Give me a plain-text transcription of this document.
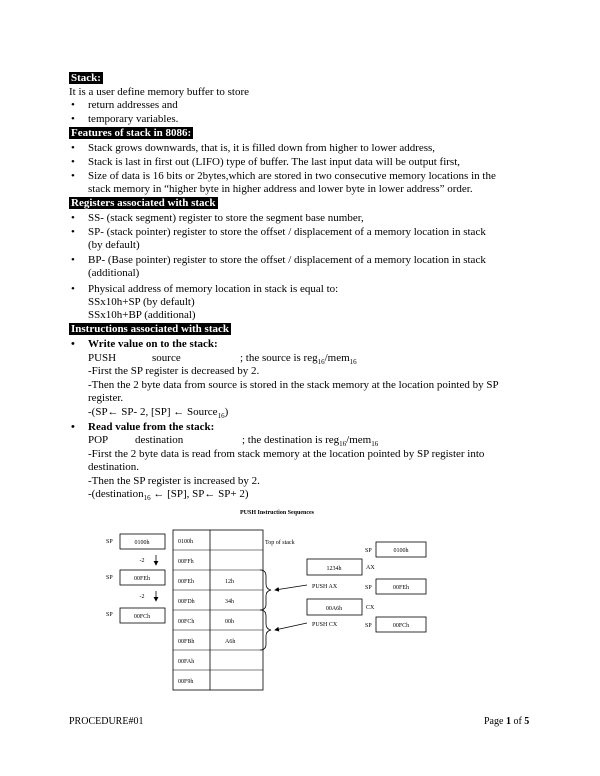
Stack:
It is a user define memory buffer to store
• return addresses and
• temporary variables.
Features of stack in 8086:
• Stack grows downwards, that is, it is filled down from higher to lower address,
• Stack is last in first out (LIFO) type of buffer. The last input data will be output first,
• Size of data is 16 bits or 2bytes,which are stored in two consecutive memory locations in the
stack memory in “higher byte in higher address and lower byte in lower address” order.
Registers associated with stack
• SS- (stack segment) register to store the segment base number,
• SP- (stack pointer) register to store the offset / displacement of a memory location in stack
(by default)
• BP- (Base pointer) register to store the offset / displacement of a memory location in stack
(additional)
• Physical address of memory location in stack is equal to:
SSx10h+SP (by default)
SSx10h+BP (additional)
Instructions associated with stack
• Write value on to the stack:
PUSH	source	; the source is reg$_{16}$/mem$_{16}$
-First the SP register is decreased by 2.
-Then the 2 byte data from source is stored in the stack memory at the location pointed by SP
register.
-(SP← SP- 2, [SP] ← Source$_{16}$)
• Read value from the stack:
POP destination	; the destination is reg$_{16}$/mem$_{16}$
-First the 2 byte data is read from stack memory at the location pointed by SP register into
destination.
-Then the SP register is increased by 2.
-(destination$_{16}$ ← [SP], SP← SP+ 2)
PUSH Instruction Sequences
SP	0100h
-2
SP	00FEh
-2
SP	00FCh
0100h
00FFh
00FEh
00FDh
00FCh
00FBh
00FAh
00F9h
12h
34h
00h
A6h
Top of stack
1234h	AX
PUSH AX
00A6h	CX
PUSH CX
SP	0100h
SP	00FEh
SP	00FCh
PROCEDURE#01	Page 1 of 5
